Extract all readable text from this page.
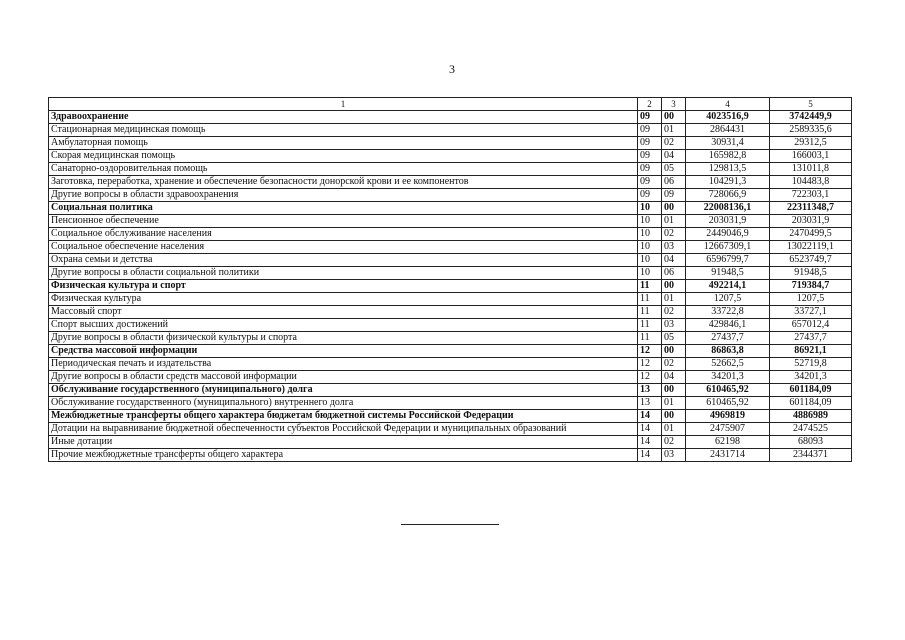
3
1	2	3	4	5
Здравоохранение	09	00	4023516,9	3742449,9
Стационарная медицинская помощь	09	01	2864431	2589335,6
Амбулаторная помощь	09	02	30931,4	29312,5
Скорая медицинская помощь	09	04	165982,8	166003,1
Санаторно-оздоровительная помощь	09	05	129813,5	131011,8
Заготовка, переработка, хранение и обеспечение безопасности донорской крови и ее компонентов	09	06	104291,3	104483,8
Другие вопросы в области здравоохранения	09	09	728066,9	722303,1
Социальная политика	10	00	22008136,1	22311348,7
Пенсионное обеспечение	10	01	203031,9	203031,9
Социальное обслуживание населения	10	02	2449046,9	2470499,5
Социальное обеспечение населения	10	03	12667309,1	13022119,1
Охрана семьи и детства	10	04	6596799,7	6523749,7
Другие вопросы в области социальной политики	10	06	91948,5	91948,5
Физическая культура и спорт	11	00	492214,1	719384,7
Физическая культура	11	01	1207,5	1207,5
Массовый спорт	11	02	33722,8	33727,1
Спорт высших достижений	11	03	429846,1	657012,4
Другие вопросы в области физической культуры и спорта	11	05	27437,7	27437,7
Средства массовой информации	12	00	86863,8	86921,1
Периодическая печать и издательства	12	02	52662,5	52719,8
Другие вопросы в области средств массовой информации	12	04	34201,3	34201,3
Обслуживание государственного (муниципального) долга	13	00	610465,92	601184,09
Обслуживание государственного (муниципального) внутреннего долга	13	01	610465,92	601184,09
Межбюджетные трансферты общего характера бюджетам бюджетной системы Российской Федерации	14	00	4969819	4886989
Дотации на выравнивание бюджетной обеспеченности субъектов Российской Федерации и муниципальных образований	14	01	2475907	2474525
Иные дотации	14	02	62198	68093
Прочие межбюджетные трансферты общего характера	14	03	2431714	2344371
